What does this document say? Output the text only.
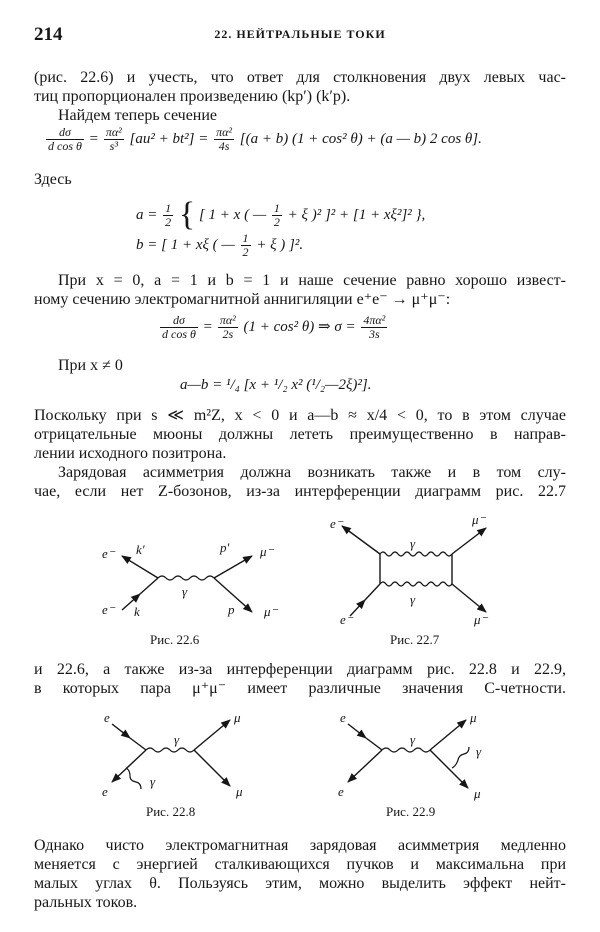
214	22. НЕЙТРАЛЬНЫЕ ТОКИ

(рис. 22.6) и учесть, что ответ для столкновения двух левых час-

тиц пропорционален произведению (kp′) (k′p).

Найдем теперь сечение

$\frac{d\sigma}{\text{d cos θ}} = \frac{\text{πα²}}{\text{s³}} [au^2 + bt^2] = \frac{\text{πα²}}{4s} [(a + b) (1 + \cos^2$ θ) + (a — b) 2 cos θ].

Здесь

$a = \frac{1}{2}$ { [ 1 + x ( — $\frac{1}{2} + \xi$ )² ]² + [1 + xξ²]² },
b = [ 1 + xξ ( — $\frac{1}{2} + \xi$ ) ]².

При x = 0, a = 1 и b = 1 и наше сечение равно хорошо извест-

ному сечению электромагнитной аннигиляции e⁺e⁻ → μ⁺μ⁻:

$\frac{d\sigma}{\text{d cos θ}} = \frac{\text{πα²}}{2s} (1 + \cos^2$ θ) ⇒ $\sigma = \frac{\text{4πα²}}{3s}$

При x ≠ 0

a—b = ¹/₄ [x + ¹/₂ x² (¹/₂—2ξ)²].

Поскольку при s ≪ m²Z, x < 0 и a—b ≈ x/4 < 0, то в этом случае

отрицательные мюоны должны лететь преимущественно в направ-

лении исходного позитрона.

Зарядовая асимметрия должна возникать также и в том слу-

чае, если нет Z-бозонов, из-за интерференции диаграмм рис. 22.7

e⁻ k′	p′ μ⁻
γ
e⁻ k	p μ⁻
Рис. 22.6
e⁻	μ⁻
γ
γ
e⁻	μ⁻
Рис. 22.7

и 22.6, а также из-за интерференции диаграмм рис. 22.8 и 22.9,

в которых пара μ⁺μ⁻ имеет различные значения C-четности.

e	μ
γ
e
γ
μ
Рис. 22.8
e	μ
γ
e
γ
μ
Рис. 22.9

Однако чисто электромагнитная зарядовая асимметрия медленно

меняется с энергией сталкивающихся пучков и максимальна при

малых углах θ. Пользуясь этим, можно выделить эффект нейт-

ральных токов.
